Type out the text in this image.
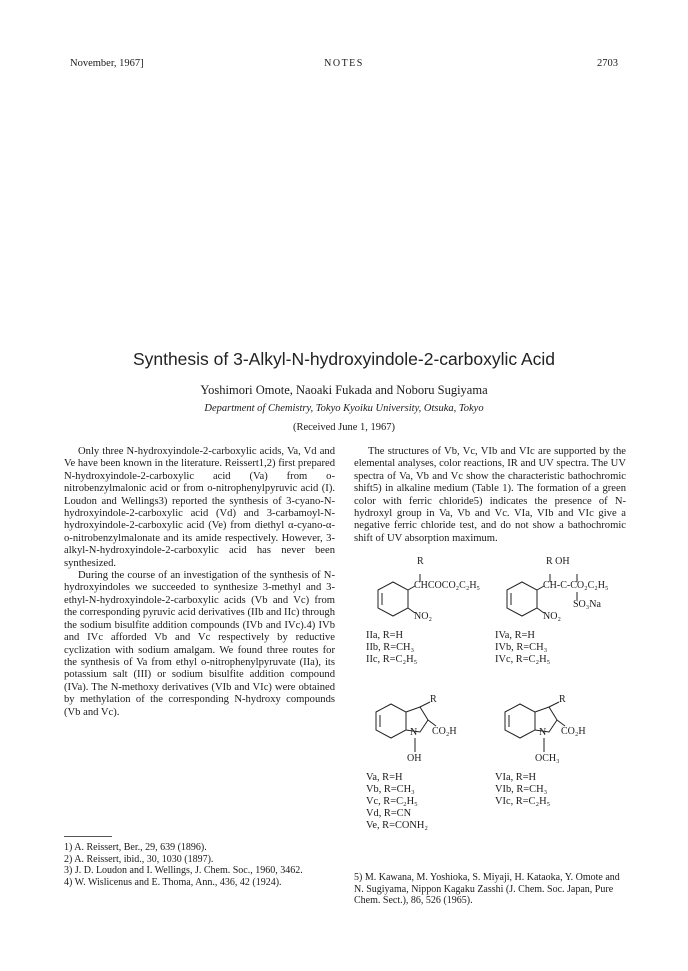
November, 1967]	NOTES	2703
Synthesis of 3-Alkyl-N-hydroxyindole-2-carboxylic Acid
Yoshimori Omote, Naoaki Fukada and Noboru Sugiyama
Department of Chemistry, Tokyo Kyoiku University, Otsuka, Tokyo
(Received June 1, 1967)

Only three N-hydroxyindole-2-carboxylic acids, Va, Vd and Ve have been known in the literature. Reissert1,2) first prepared N-hydroxyindole-2-carboxylic acid (Va) from o-nitrobenzylmalonic acid or from o-nitrophenylpyruvic acid (I). Loudon and Wellings3) reported the synthesis of 3-cyano-N-hydroxyindole-2-carboxylic acid (Vd) and 3-carbamoyl-N-hydroxyindole-2-carboxylic acid (Ve) from diethyl α-cyano-α-o-nitrobenzylmalonate and its amide respectively. However, 3-alkyl-N-hydroxyindole-2-carboxylic acid has never been synthesized.

During the course of an investigation of the synthesis of N-hydroxyindoles we succeeded to synthesize 3-methyl and 3-ethyl-N-hydroxyindole-2-carboxylic acids (Vb and Vc) from the corresponding pyruvic acid derivatives (IIb and IIc) through the sodium bisulfite addition compounds (IVb and IVc).4) IVb and IVc afforded Vb and Vc respectively by reductive cyclization with sodium amalgam. We found three routes for the synthesis of Va from ethyl o-nitrophenylpyruvate (IIa), its potassium salt (III) or sodium bisulfite addition compound (IVa). The N-methoxy derivatives (VIb and VIc) were obtained by methylation of the corresponding N-hydroxy compounds (Vb and Vc).

The structures of Vb, Vc, VIb and VIc are supported by the elemental analyses, color reactions, IR and UV spectra. The UV spectra of Va, Vb and Vc show the characteristic bathochromic shift5) in alkaline medium (Table 1). The formation of a green color with ferric chloride5) indicates the presence of N-hydroxyl group in Va, Vb and Vc. VIa, VIb and VIc give a negative ferric chloride test, and do not show a bathochromic shift of UV absorption maximum.

R
CHCOCO₂C₂H₅
NO₂
IIa, R=H
IIb, R=CH₃
IIc, R=C₂H₅
R OH
CH-C-CO₂C₂H₅
SO₃Na
NO₂
IVa, R=H
IVb, R=CH₃
IVc, R=C₂H₅
R
N CO₂H
OH
Va, R=H
Vb, R=CH₃
Vc, R=C₂H₅
Vd, R=CN
Ve, R=CONH₂
R
N CO₂H
OCH₃
VIa, R=H
VIb, R=CH₃
VIc, R=C₂H₅

1) A. Reissert, Ber., 29, 639 (1896).

2) A. Reissert, ibid., 30, 1030 (1897).

3) J. D. Loudon and I. Wellings, J. Chem. Soc., 1960, 3462.

4) W. Wislicenus and E. Thoma, Ann., 436, 42 (1924).	5) M. Kawana, M. Yoshioka, S. Miyaji, H. Kataoka, Y. Omote and N. Sugiyama, Nippon Kagaku Zasshi (J. Chem. Soc. Japan, Pure Chem. Sect.), 86, 526 (1965).
